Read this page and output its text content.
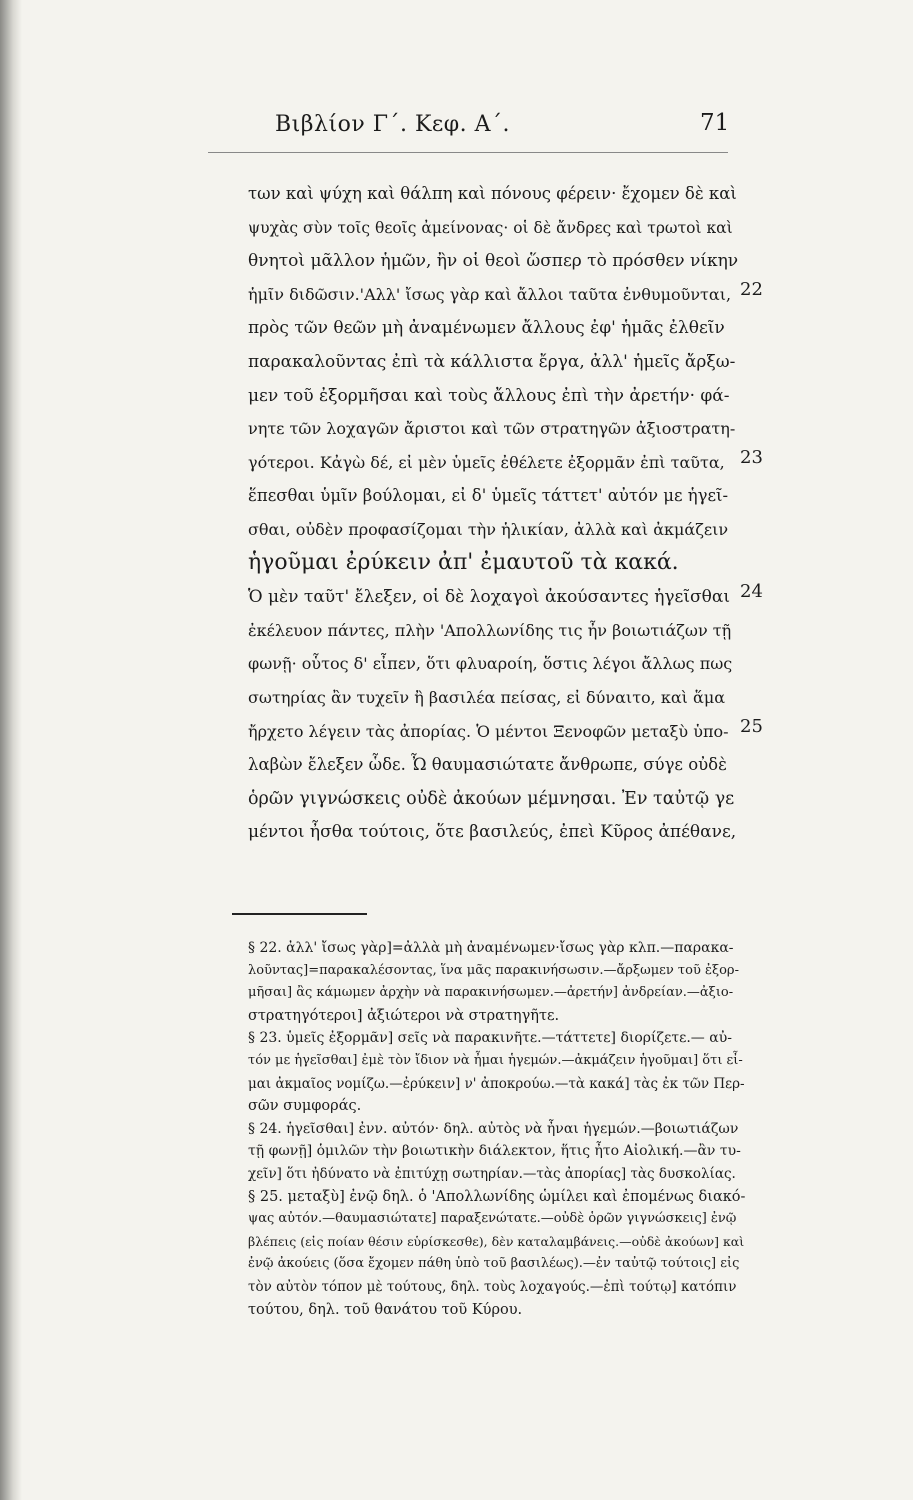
Βιβλίον Γ΄. Κεφ. Α΄.	71
των καὶ ψύχη καὶ θάλπη καὶ πόνους φέρειν· ἔχομεν δὲ καὶ
ψυχὰς σὺν τοῖς θεοῖς ἀμείνονας· οἱ δὲ ἄνδρες καὶ τρωτοὶ καὶ
θνητοὶ μᾶλλον ἡμῶν, ἢν οἱ θεοὶ ὥσπερ τὸ πρόσθεν νίκην
ἡμῖν διδῶσιν.'Αλλ' ἴσως γὰρ καὶ ἄλλοι ταῦτα ἐνθυμοῦνται, 22
πρὸς τῶν θεῶν μὴ ἀναμένωμεν ἄλλους ἐφ' ἡμᾶς ἐλθεῖν
παρακαλοῦντας ἐπὶ τὰ κάλλιστα ἔργα, ἀλλ' ἡμεῖς ἄρξω-
μεν τοῦ ἐξορμῆσαι καὶ τοὺς ἄλλους ἐπὶ τὴν ἀρετήν· φά-
νητε τῶν λοχαγῶν ἄριστοι καὶ τῶν στρατηγῶν ἀξιοστρατη-
γότεροι. Κἀγὼ δέ, εἰ μὲν ὑμεῖς ἐθέλετε ἐξορμᾶν ἐπὶ ταῦτα, 23
ἕπεσθαι ὑμῖν βούλομαι, εἰ δ' ὑμεῖς τάττετ' αὐτόν με ἡγεῖ-
σθαι, οὐδὲν προφασίζομαι τὴν ἡλικίαν, ἀλλὰ καὶ ἀκμάζειν
ἡγοῦμαι ἐρύκειν ἀπ' ἐμαυτοῦ τὰ κακά.
Ὁ μὲν ταῦτ' ἔλεξεν, οἱ δὲ λοχαγοὶ ἀκούσαντες ἡγεῖσθαι 24
ἐκέλευον πάντες, πλὴν 'Απολλωνίδης τις ἦν βοιωτιάζων τῇ
φωνῇ· οὗτος δ' εἶπεν, ὅτι φλυαροίη, ὅστις λέγοι ἄλλως πως
σωτηρίας ἂν τυχεῖν ἢ βασιλέα πείσας, εἰ δύναιτο, καὶ ἅμα
ἤρχετο λέγειν τὰς ἀπορίας. Ὁ μέντοι Ξενοφῶν μεταξὺ ὑπο- 25
λαβὼν ἔλεξεν ὧδε. Ὦ θαυμασιώτατε ἄνθρωπε, σύγε οὐδὲ
ὁρῶν γιγνώσκεις οὐδὲ ἀκούων μέμνησαι. Ἐν ταὐτῷ γε
μέντοι ἦσθα τούτοις, ὅτε βασιλεύς, ἐπεὶ Κῦρος ἀπέθανε,
§ 22. ἀλλ' ἴσως γὰρ]=ἀλλὰ μὴ ἀναμένωμεν·ἴσως γὰρ κλπ.—παρακα-
λοῦντας]=παρακαλέσοντας, ἵνα μᾶς παρακινήσωσιν.—ἄρξωμεν τοῦ ἐξορ-
μῆσαι] ἂς κάμωμεν ἀρχὴν νὰ παρακινήσωμεν.—ἀρετήν] ἀνδρείαν.—ἀξιο-
στρατηγότεροι] ἀξιώτεροι νὰ στρατηγῆτε.
§ 23. ὑμεῖς ἐξορμᾶν] σεῖς νὰ παρακινῆτε.—τάττετε] διορίζετε.— αὐ-
τόν με ἡγεῖσθαι] ἐμὲ τὸν ἴδιον νὰ ἦμαι ἡγεμών.—ἀκμάζειν ἡγοῦμαι] ὅτι εἶ-
μαι ἀκμαῖος νομίζω.—ἐρύκειν] ν' ἀποκρούω.—τὰ κακά] τὰς ἐκ τῶν Περ-
σῶν συμφοράς.
§ 24. ἡγεῖσθαι] ἐνν. αὐτόν· δηλ. αὐτὸς νὰ ἦναι ἡγεμών.—βοιωτιάζων
τῇ φωνῇ] ὁμιλῶν τὴν βοιωτικὴν διάλεκτον, ἥτις ἦτο Αἰολική.—ἂν τυ-
χεῖν] ὅτι ἠδύνατο νὰ ἐπιτύχῃ σωτηρίαν.—τὰς ἀπορίας] τὰς δυσκολίας.
§ 25. μεταξὺ] ἐνῷ δηλ. ὁ 'Απολλωνίδης ὡμίλει καὶ ἐπομένως διακό-
ψας αὐτόν.—θαυμασιώτατε] παραξενώτατε.—οὐδὲ ὁρῶν γιγνώσκεις] ἐνῷ
βλέπεις (εἰς ποίαν θέσιν εὑρίσκεσθε), δὲν καταλαμβάνεις.—οὐδὲ ἀκούων] καὶ
ἐνῷ ἀκούεις (ὅσα ἔχομεν πάθη ὑπὸ τοῦ βασιλέως).—ἐν ταὐτῷ τούτοις] εἰς
τὸν αὐτὸν τόπον μὲ τούτους, δηλ. τοὺς λοχαγούς.—ἐπὶ τούτῳ] κατόπιν
τούτου, δηλ. τοῦ θανάτου τοῦ Κύρου.
